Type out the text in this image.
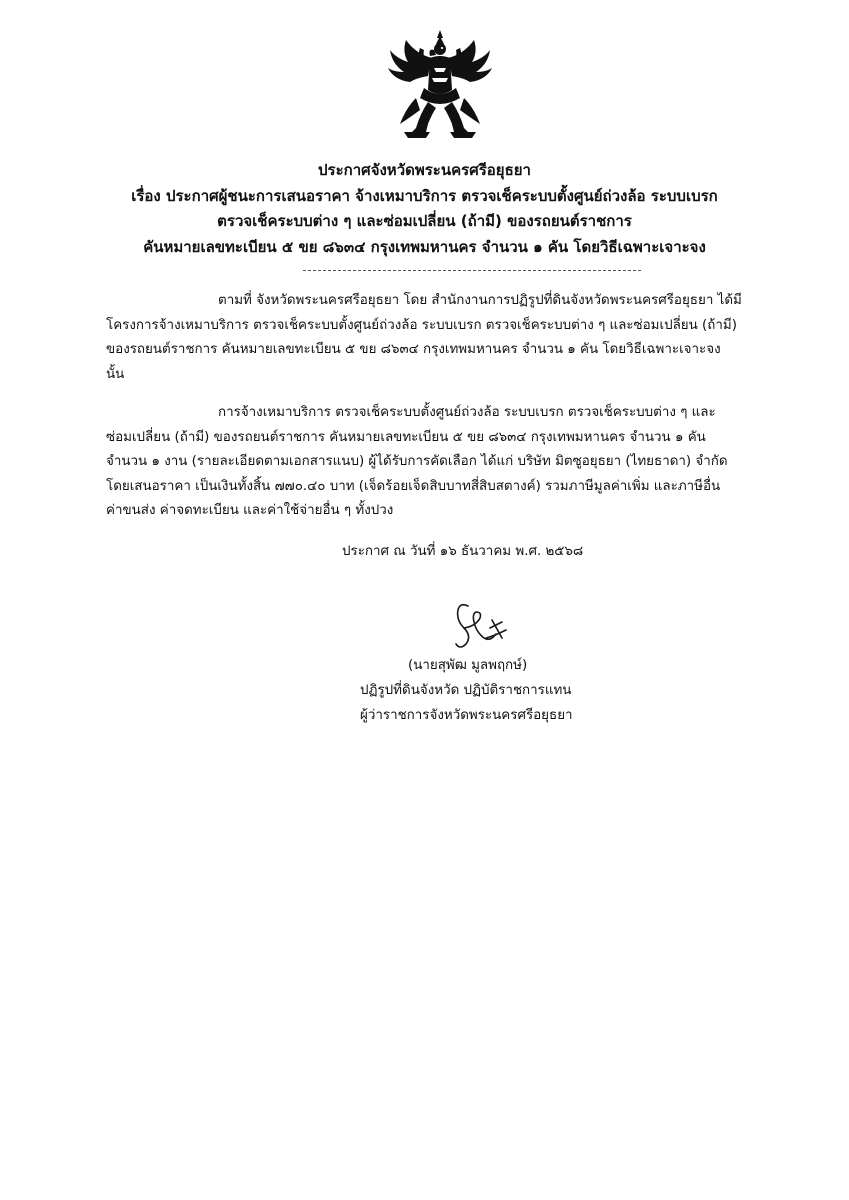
ประกาศจังหวัดพระนครศรีอยุธยา
เรื่อง ประกาศผู้ชนะการเสนอราคา จ้างเหมาบริการ ตรวจเช็คระบบตั้งศูนย์ถ่วงล้อ ระบบเบรก
ตรวจเช็คระบบต่าง ๆ และซ่อมเปลี่ยน (ถ้ามี) ของรถยนต์ราชการ
คันหมายเลขทะเบียน ๕ ขย ๘๖๓๔ กรุงเทพมหานคร จำนวน ๑ คัน โดยวิธีเฉพาะเจาะจง
ตามที่ จังหวัดพระนครศรีอยุธยา โดย สำนักงานการปฏิรูปที่ดินจังหวัดพระนครศรีอยุธยา ได้มี
โครงการจ้างเหมาบริการ ตรวจเช็คระบบตั้งศูนย์ถ่วงล้อ ระบบเบรก ตรวจเช็คระบบต่าง ๆ และซ่อมเปลี่ยน (ถ้ามี)
ของรถยนต์ราชการ คันหมายเลขทะเบียน ๕ ขย ๘๖๓๔ กรุงเทพมหานคร จำนวน ๑ คัน โดยวิธีเฉพาะเจาะจง
นั้น
การจ้างเหมาบริการ ตรวจเช็คระบบตั้งศูนย์ถ่วงล้อ ระบบเบรก ตรวจเช็คระบบต่าง ๆ และ
ซ่อมเปลี่ยน (ถ้ามี) ของรถยนต์ราชการ คันหมายเลขทะเบียน ๕ ขย ๘๖๓๔ กรุงเทพมหานคร จำนวน ๑ คัน
จำนวน ๑ งาน (รายละเอียดตามเอกสารแนบ) ผู้ได้รับการคัดเลือก ได้แก่ บริษัท มิตซูอยุธยา (ไทยธาดา) จำกัด
โดยเสนอราคา เป็นเงินทั้งสิ้น ๗๗๐.๔๐ บาท (เจ็ดร้อยเจ็ดสิบบาทสี่สิบสตางค์) รวมภาษีมูลค่าเพิ่ม และภาษีอื่น
ค่าขนส่ง ค่าจดทะเบียน และค่าใช้จ่ายอื่น ๆ ทั้งปวง
ประกาศ ณ วันที่ ๑๖ ธันวาคม พ.ศ. ๒๕๖๘
(นายสุพัฒ มูลพฤกษ์)
ปฏิรูปที่ดินจังหวัด ปฏิบัติราชการแทน
ผู้ว่าราชการจังหวัดพระนครศรีอยุธยา
